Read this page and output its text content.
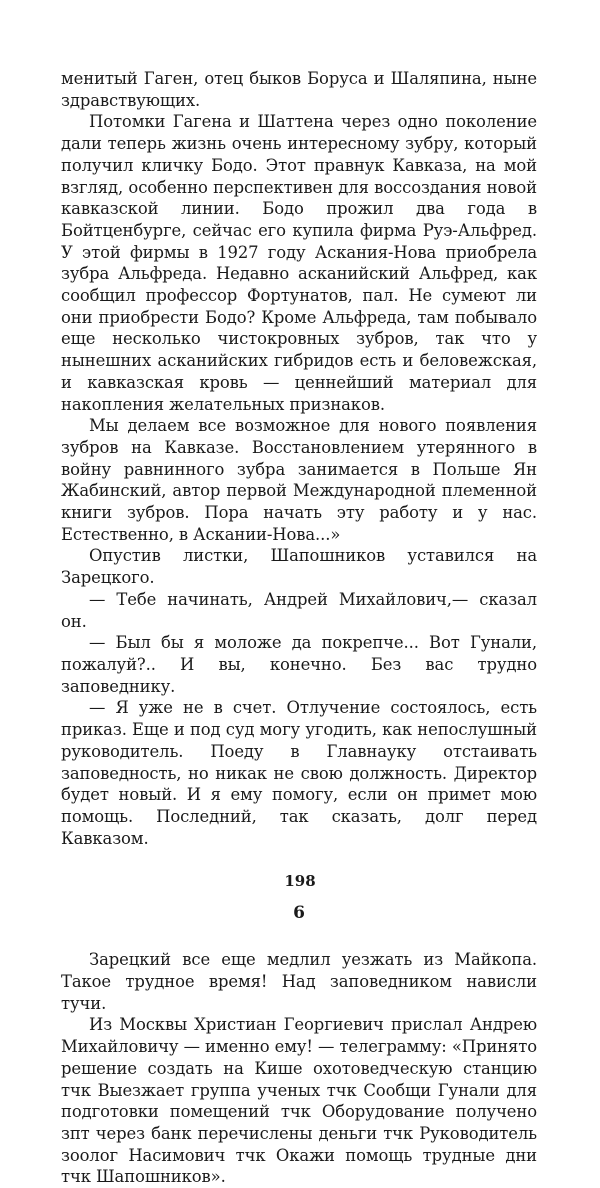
менитый Гаген, отец быков Боруса и Шаляпина, ныне здравствующих.

Потомки Гагена и Шаттена через одно поколение дали теперь жизнь очень интересному зубру, который получил кличку Бодо. Этот правнук Кавказа, на мой взгляд, особенно перспективен для воссоздания новой кавказской линии. Бодо прожил два года в Бойтценбурге, сейчас его купила фирма Руэ-Альфред. У этой фирмы в 1927 году Аскания-Нова приобрела зубра Альфреда. Недавно асканийский Альфред, как сообщил профессор Фортунатов, пал. Не сумеют ли они приобрести Бодо? Кроме Альфреда, там побывало еще несколько чистокровных зубров, так что у нынешних асканийских гибридов есть и беловежская, и кавказская кровь — ценнейший материал для накопления желательных признаков.

Мы делаем все возможное для нового появления зубров на Кавказе. Восстановлением утерянного в войну равнинного зубра занимается в Польше Ян Жабинский, автор первой Международной племенной книги зубров. Пора начать эту работу и у нас. Естественно, в Аскании-Нова...»

Опустив листки, Шапошников уставился на Зарецкого.

— Тебе начинать, Андрей Михайлович,— сказал он.

— Был бы я моложе да покрепче... Вот Гунали, пожалуй?.. И вы, конечно. Без вас трудно заповеднику.

— Я уже не в счет. Отлучение состоялось, есть приказ. Еще и под суд могу угодить, как непослушный руководитель. Поеду в Главнауку отстаивать заповедность, но никак не свою должность. Директор будет новый. И я ему помогу, если он примет мою помощь. Последний, так сказать, долг перед Кавказом.

6

Зарецкий все еще медлил уезжать из Майкопа. Такое трудное время! Над заповедником нависли тучи.

Из Москвы Христиан Георгиевич прислал Андрею Михайловичу — именно ему! — телеграмму: «Принято решение создать на Кише охотоведческую станцию тчк Выезжает группа ученых тчк Сообщи Гунали для подготовки помещений тчк Оборудование получено зпт через банк перечислены деньги тчк Руководитель зоолог Насимович тчк Окажи помощь трудные дни тчк Шапошников».

198
